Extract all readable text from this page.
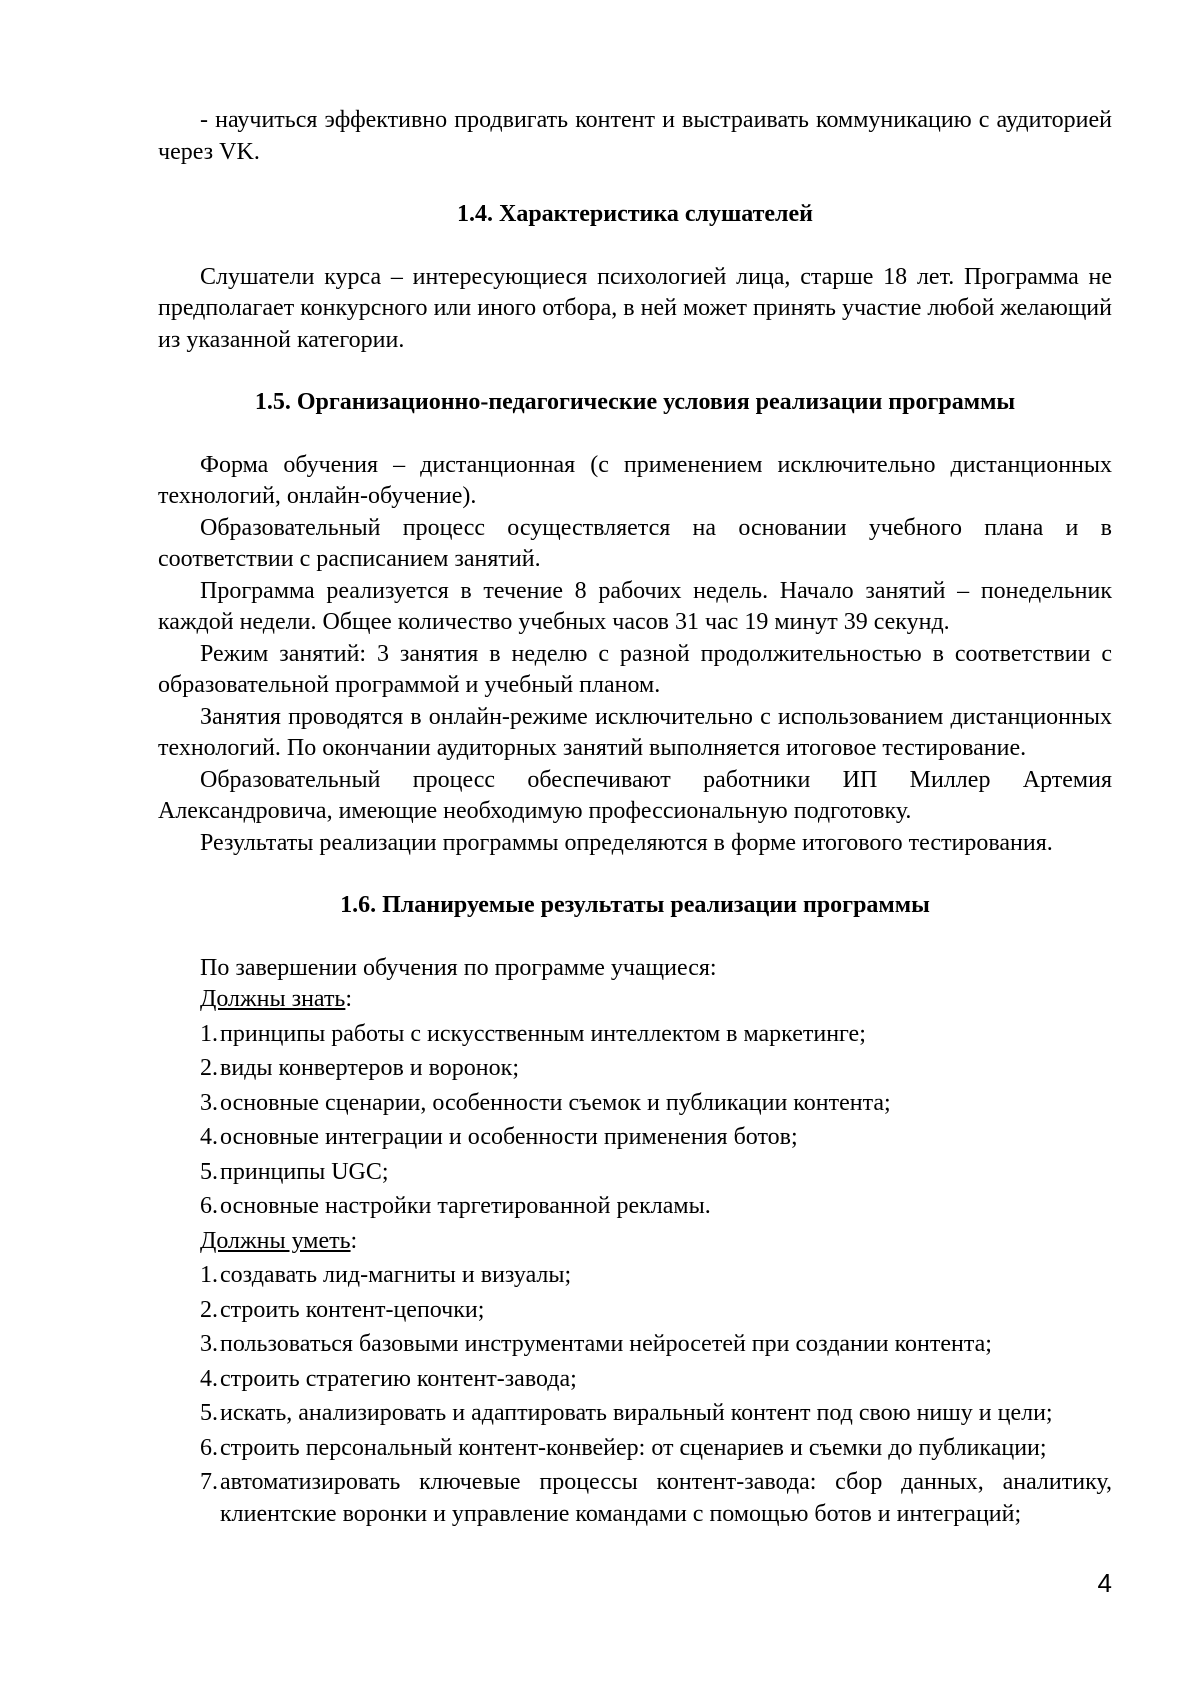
- научиться эффективно продвигать контент и выстраивать коммуникацию с аудиторией через VK.

1.4. Характеристика слушателей

Слушатели курса – интересующиеся психологией лица, старше 18 лет. Программа не предполагает конкурсного или иного отбора, в ней может принять участие любой желающий из указанной категории.

1.5. Организационно-педагогические условия реализации программы

Форма обучения – дистанционная (с применением исключительно дистанционных технологий, онлайн-обучение).

Образовательный процесс осуществляется на основании учебного плана и в соответствии с расписанием занятий.

Программа реализуется в течение 8 рабочих недель. Начало занятий – понедельник каждой недели. Общее количество учебных часов 31 час 19 минут 39 секунд.

Режим занятий: 3 занятия в неделю с разной продолжительностью в соответствии с образовательной программой и учебный планом.

Занятия проводятся в онлайн-режиме исключительно с использованием дистанционных технологий. По окончании аудиторных занятий выполняется итоговое тестирование.

Образовательный процесс обеспечивают работники ИП Миллер Артемия Александровича, имеющие необходимую профессиональную подготовку.

Результаты реализации программы определяются в форме итогового тестирования.

1.6. Планируемые результаты реализации программы

По завершении обучения по программе учащиеся:

Должны знать:

1. принципы работы с искусственным интеллектом в маркетинге;
2. виды конвертеров и воронок;
3. основные сценарии, особенности съемок и публикации контента;
4. основные интеграции и особенности применения ботов;
5. принципы UGC;
6. основные настройки таргетированной рекламы.

Должны уметь:

1. создавать лид-магниты и визуалы;
2. строить контент-цепочки;
3. пользоваться базовыми инструментами нейросетей при создании контента;
4. строить стратегию контент-завода;
5. искать, анализировать и адаптировать виральный контент под свою нишу и цели;
6. строить персональный контент-конвейер: от сценариев и съемки до публикации;
7. автоматизировать ключевые процессы контент-завода: сбор данных, аналитику, клиентские воронки и управление командами с помощью ботов и интеграций;
4
